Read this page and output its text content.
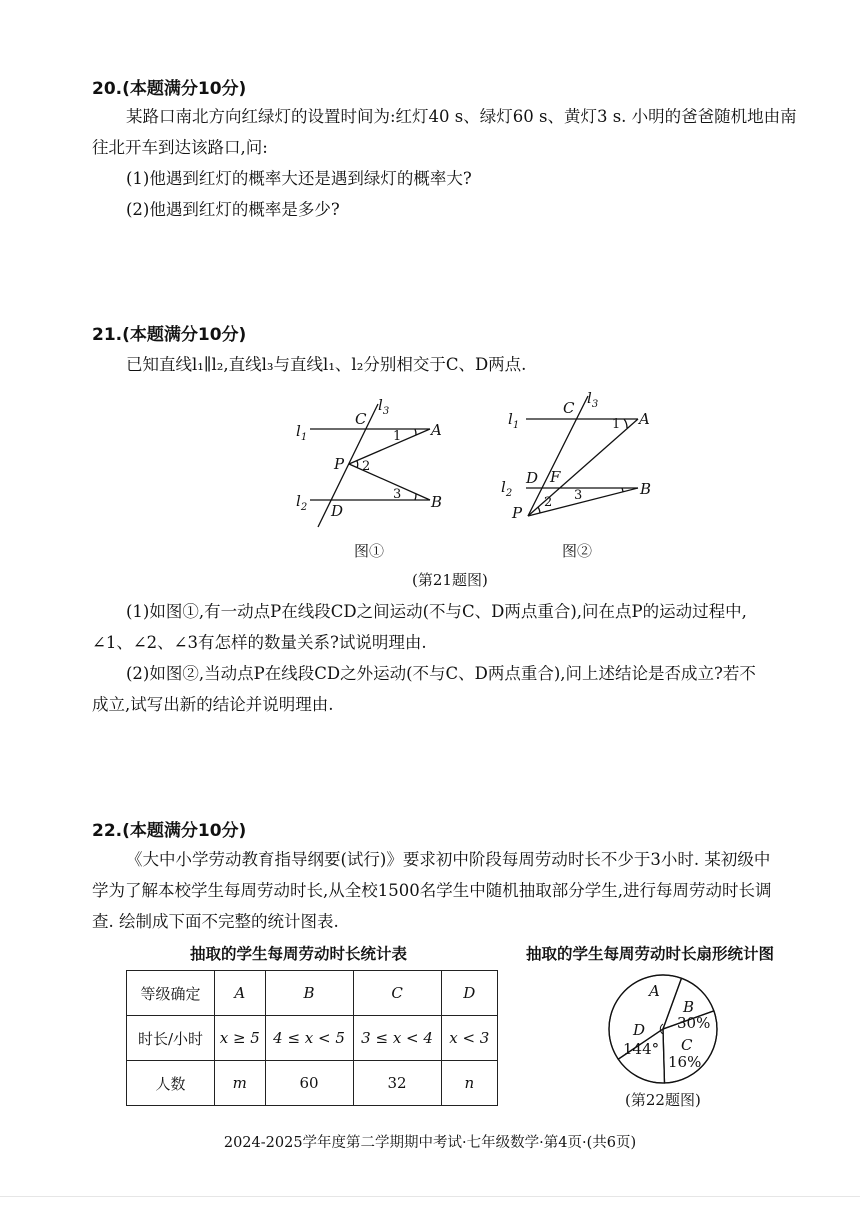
20.(本题满分10分)
某路口南北方向红绿灯的设置时间为:红灯40 s、绿灯60 s、黄灯3 s. 小明的爸爸随机地由南
往北开车到达该路口,问:
(1)他遇到红灯的概率大还是遇到绿灯的概率大?
(2)他遇到红灯的概率是多少?
21.(本题满分10分)
已知直线l₁∥l₂,直线l₃与直线l₁、l₂分别相交于C、D两点.
$l_1$
$l_2$
$l_3$
C
A
P
B
D
1
2
3
图①
$l_1$
$l_2$
$l_3$
C
A
D F
B
P
1
2 3
图②
(第21题图)
(1)如图①,有一动点P在线段CD之间运动(不与C、D两点重合),问在点P的运动过程中,
∠1、∠2、∠3有怎样的数量关系?试说明理由.
(2)如图②,当动点P在线段CD之外运动(不与C、D两点重合),问上述结论是否成立?若不
成立,试写出新的结论并说明理由.
22.(本题满分10分)
《大中小学劳动教育指导纲要(试行)》要求初中阶段每周劳动时长不少于3小时. 某初级中
学为了解本校学生每周劳动时长,从全校1500名学生中随机抽取部分学生,进行每周劳动时长调
查. 绘制成下面不完整的统计图表.
抽取的学生每周劳动时长统计表
等级确定	A	B	C	D
时长/小时	x ≥ 5	4 ≤ x < 5	3 ≤ x < 4	x < 3
人数	m	60	32	n
抽取的学生每周劳动时长扇形统计图
A
B
30%
C
16%
D
144°
(第22题图)
2024-2025学年度第二学期期中考试·七年级数学·第4页·(共6页)
